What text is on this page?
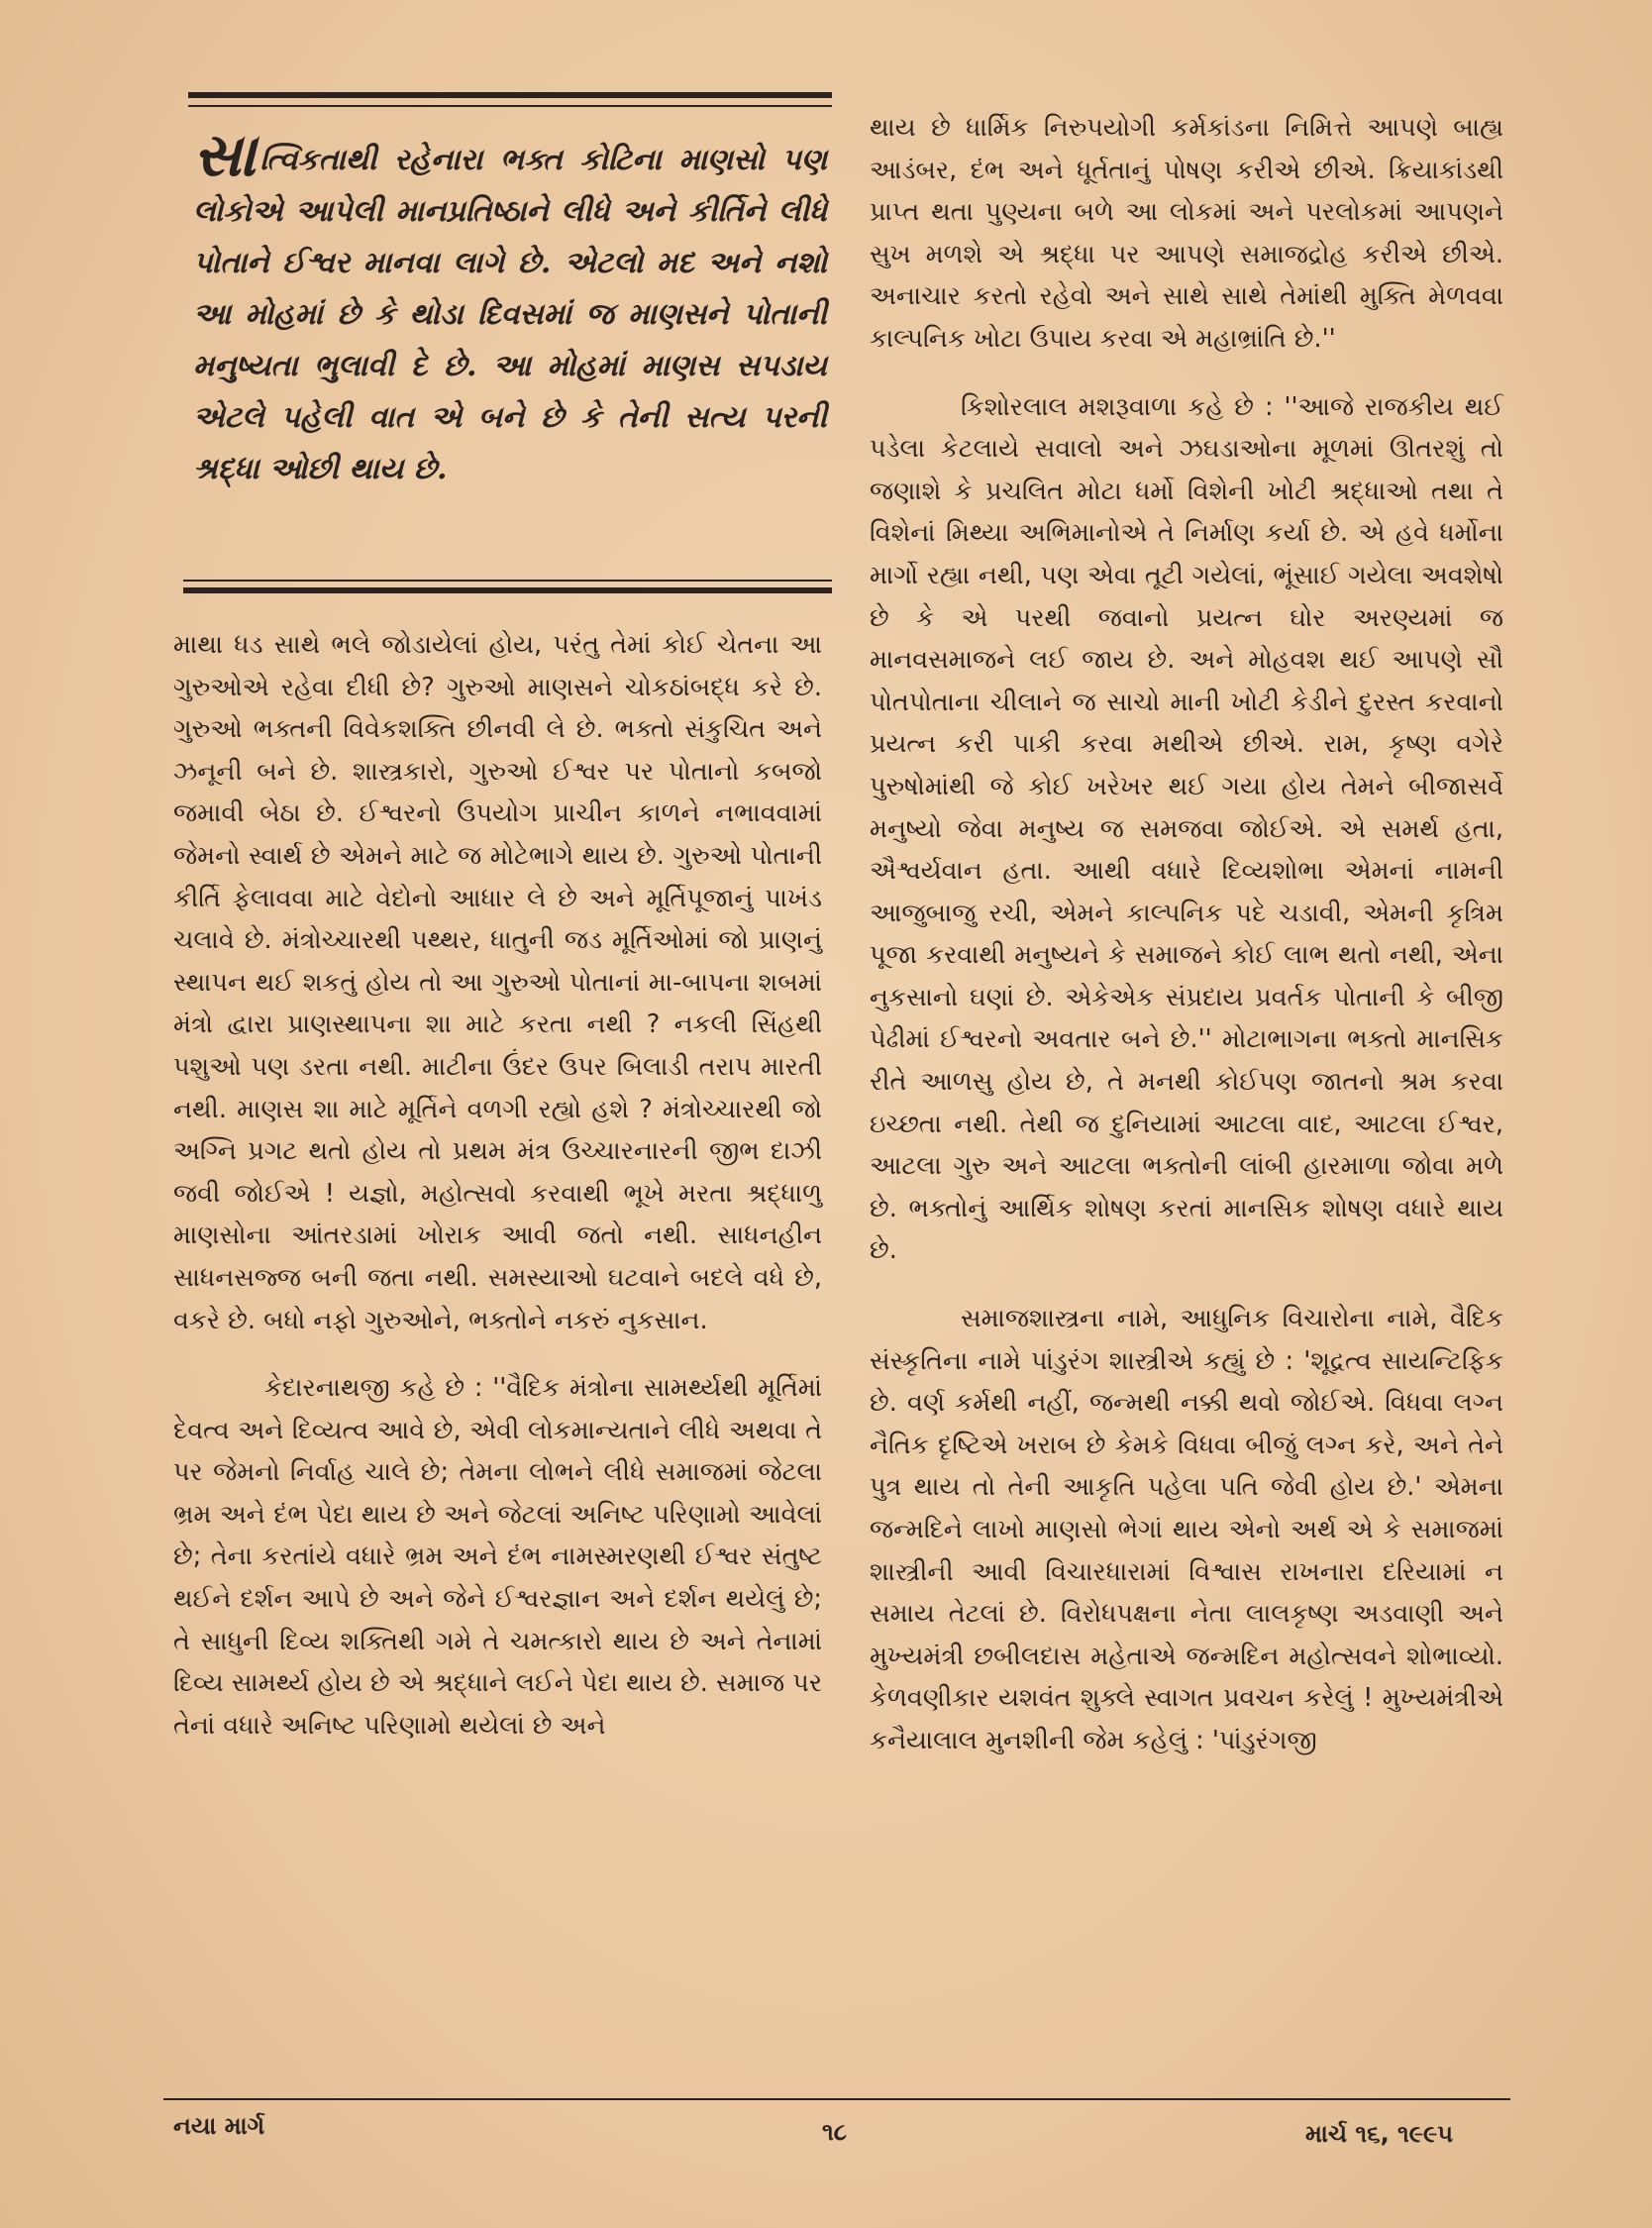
સાત્વિકતાથી રહેનારા ભક્ત કોટિના માણસો પણ લોકોએ આપેલી માનપ્રતિષ્ઠાને લીધે અને કીર્તિને લીધે પોતાને ઈશ્વર માનવા લાગે છે. એટલો મદ અને નશો આ મોહમાં છે કે થોડા દિવસમાં જ માણસને પોતાની મનુષ્યતા ભુલાવી દે છે. આ મોહમાં માણસ સપડાય એટલે પહેલી વાત એ બને છે કે તેની સત્ય પરની શ્રદ્ધા ઓછી થાય છે.

માથા ધડ સાથે ભલે જોડાયેલાં હોય, પરંતુ તેમાં કોઈ ચેતના આ ગુરુઓએ રહેવા દીધી છે? ગુરુઓ માણસને ચોકઠાંબદ્ધ કરે છે. ગુરુઓ ભક્તની વિવેકશક્તિ છીનવી લે છે. ભક્તો સંકુચિત અને ઝનૂની બને છે. શાસ્ત્રકારો, ગુરુઓ ઈશ્વર પર પોતાનો કબજો જમાવી બેઠા છે. ઈશ્વરનો ઉપયોગ પ્રાચીન કાળને નભાવવામાં જેમનો સ્વાર્થ છે એમને માટે જ મોટેભાગે થાય છે. ગુરુઓ પોતાની કીર્તિ ફેલાવવા માટે વેદોનો આધાર લે છે અને મૂર્તિપૂજાનું પાખંડ ચલાવે છે. મંત્રોચ્ચારથી પથ્થર, ધાતુની જડ મૂર્તિઓમાં જો પ્રાણનું સ્થાપન થઈ શકતું હોય તો આ ગુરુઓ પોતાનાં મા-બાપના શબમાં મંત્રો દ્વારા પ્રાણસ્થાપના શા માટે કરતા નથી ? નકલી સિંહથી પશુઓ પણ ડરતા નથી. માટીના ઉંદર ઉપર બિલાડી તરાપ મારતી નથી. માણસ શા માટે મૂર્તિને વળગી રહ્યો હશે ? મંત્રોચ્ચારથી જો અગ્નિ પ્રગટ થતો હોય તો પ્રથમ મંત્ર ઉચ્ચારનારની જીભ દાઝી જવી જોઈએ ! યજ્ઞો, મહોત્સવો કરવાથી ભૂખે મરતા શ્રદ્ધાળુ માણસોના આંતરડામાં ખોરાક આવી જતો નથી. સાધનહીન સાધનસજ્જ બની જતા નથી. સમસ્યાઓ ઘટવાને બદલે વધે છે, વકરે છે. બધો નફો ગુરુઓને, ભક્તોને નકરું નુકસાન.

કેદારનાથજી કહે છે : ''વૈદિક મંત્રોના સામર્થ્યથી મૂર્તિમાં દેવત્વ અને દિવ્યત્વ આવે છે, એવી લોકમાન્યતાને લીધે અથવા તે પર જેમનો નિર્વાહ ચાલે છે; તેમના લોભને લીધે સમાજમાં જેટલા ભ્રમ અને દંભ પેદા થાય છે અને જેટલાં અનિષ્ટ પરિણામો આવેલાં છે; તેના કરતાંયે વધારે ભ્રમ અને દંભ નામસ્મરણથી ઈશ્વર સંતુષ્ટ થઈને દર્શન આપે છે અને જેને ઈશ્વરજ્ઞાન અને દર્શન થયેલું છે; તે સાધુની દિવ્ય શક્તિથી ગમે તે ચમત્કારો થાય છે અને તેનામાં દિવ્ય સામર્થ્ય હોય છે એ શ્રદ્ધાને લઈને પેદા થાય છે. સમાજ પર તેનાં વધારે અનિષ્ટ પરિણામો થયેલાં છે અને

થાય છે ધાર્મિક નિરુપયોગી કર્મકાંડના નિમિત્તે આપણે બાહ્ય આડંબર, દંભ અને ધૂર્તતાનું પોષણ કરીએ છીએ. ક્રિયાકાંડથી પ્રાપ્ત થતા પુણ્યના બળે આ લોકમાં અને પરલોકમાં આપણને સુખ મળશે એ શ્રદ્ધા પર આપણે સમાજદ્રોહ કરીએ છીએ. અનાચાર કરતો રહેવો અને સાથે સાથે તેમાંથી મુક્તિ મેળવવા કાલ્પનિક ખોટા ઉપાય કરવા એ મહાભ્રાંતિ છે.''

કિશોરલાલ મશરૂવાળા કહે છે : ''આજે રાજકીય થઈ પડેલા કેટલાયે સવાલો અને ઝઘડાઓના મૂળમાં ઊતરશું તો જણાશે કે પ્રચલિત મોટા ધર્મો વિશેની ખોટી શ્રદ્ધાઓ તથા તે વિશેનાં મિથ્યા અભિમાનોએ તે નિર્માણ કર્યા છે. એ હવે ધર્મોના માર્ગો રહ્યા નથી, પણ એવા તૂટી ગયેલાં, ભૂંસાઈ ગયેલા અવશેષો છે કે એ પરથી જવાનો પ્રયત્ન ઘોર અરણ્યમાં જ માનવસમાજને લઈ જાય છે. અને મોહવશ થઈ આપણે સૌ પોતપોતાના ચીલાને જ સાચો માની ખોટી કેડીને દુરસ્ત કરવાનો પ્રયત્ન કરી પાકી કરવા મથીએ છીએ. રામ, કૃષ્ણ વગેરે પુરુષોમાંથી જે કોઈ ખરેખર થઈ ગયા હોય તેમને બીજાસર્વે મનુષ્યો જેવા મનુષ્ય જ સમજવા જોઈએ. એ સમર્થ હતા, ઐશ્વર્યવાન હતા. આથી વધારે દિવ્યશોભા એમનાં નામની આજુબાજુ રચી, એમને કાલ્પનિક પદે ચડાવી, એમની કૃત્રિમ પૂજા કરવાથી મનુષ્યને કે સમાજને કોઈ લાભ થતો નથી, એના નુકસાનો ઘણાં છે. એકેએક સંપ્રદાય પ્રવર્તક પોતાની કે બીજી પેઢીમાં ઈશ્વરનો અવતાર બને છે.'' મોટાભાગના ભક્તો માનસિક રીતે આળસુ હોય છે, તે મનથી કોઈપણ જાતનો શ્રમ કરવા ઇચ્છતા નથી. તેથી જ દુનિયામાં આટલા વાદ, આટલા ઈશ્વર, આટલા ગુરુ અને આટલા ભક્તોની લાંબી હારમાળા જોવા મળે છે. ભક્તોનું આર્થિક શોષણ કરતાં માનસિક શોષણ વધારે થાય છે.

સમાજશાસ્ત્રના નામે, આધુનિક વિચારોના નામે, વૈદિક સંસ્કૃતિના નામે પાંડુરંગ શાસ્ત્રીએ કહ્યું છે : 'શૂદ્રત્વ સાયન્ટિફિક છે. વર્ણ કર્મથી નહીં, જન્મથી નક્કી થવો જોઈએ. વિધવા લગ્ન નૈતિક દૃષ્ટિએ ખરાબ છે કેમકે વિધવા બીજું લગ્ન કરે, અને તેને પુત્ર થાય તો તેની આકૃતિ પહેલા પતિ જેવી હોય છે.' એમના જન્મદિને લાખો માણસો ભેગાં થાય એનો અર્થ એ કે સમાજમાં શાસ્ત્રીની આવી વિચારધારામાં વિશ્વાસ રાખનારા દરિયામાં ન સમાય તેટલાં છે. વિરોધપક્ષના નેતા લાલકૃષ્ણ અડવાણી અને મુખ્યમંત્રી છબીલદાસ મહેતાએ જન્મદિન મહોત્સવને શોભાવ્યો. કેળવણીકાર યશવંત શુક્લે સ્વાગત પ્રવચન કરેલું ! મુખ્યમંત્રીએ કનૈયાલાલ મુનશીની જેમ કહેલું : 'પાંડુરંગજી

નયા માર્ગ	૧૮	માર્ચ ૧૬, ૧૯૯૫
